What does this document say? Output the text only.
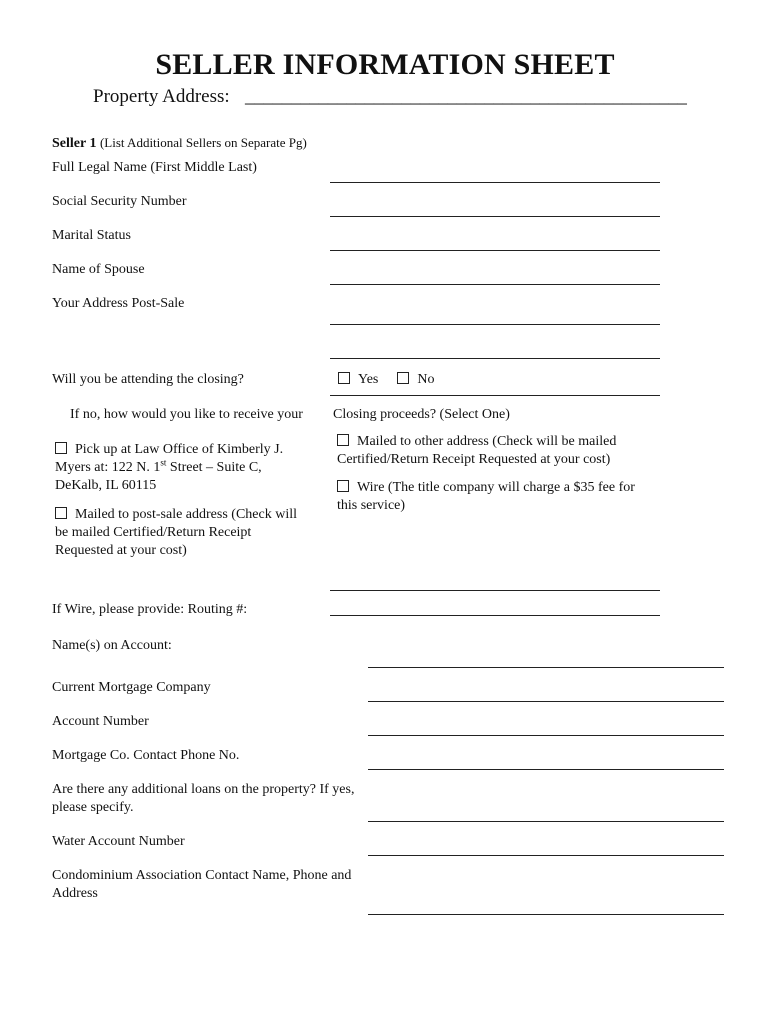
SELLER INFORMATION SHEET
Property Address: ________________________________________________
Seller 1 (List Additional Sellers on Separate Pg)
Full Legal Name (First Middle Last)
Social Security Number
Marital Status
Name of Spouse
Your Address Post-Sale
Will you be attending the closing?	Yes	No
If no, how would you like to receive your Closing proceeds? (Select One)
Pick up at Law Office of Kimberly J.
Myers at: 122 N. 1st Street – Suite C,
DeKalb, IL 60115
Mailed to post-sale address (Check will be mailed Certified/Return Receipt Requested at your cost)
Mailed to other address (Check will be mailed Certified/Return Receipt Requested at your cost)
Wire (The title company will charge a $35 fee for this service)
If Wire, please provide: Routing #:
Name(s) on Account:
Current Mortgage Company
Account Number
Mortgage Co. Contact Phone No.
Are there any additional loans on the property? If yes, please specify.
Water Account Number
Condominium Association Contact Name, Phone and Address
